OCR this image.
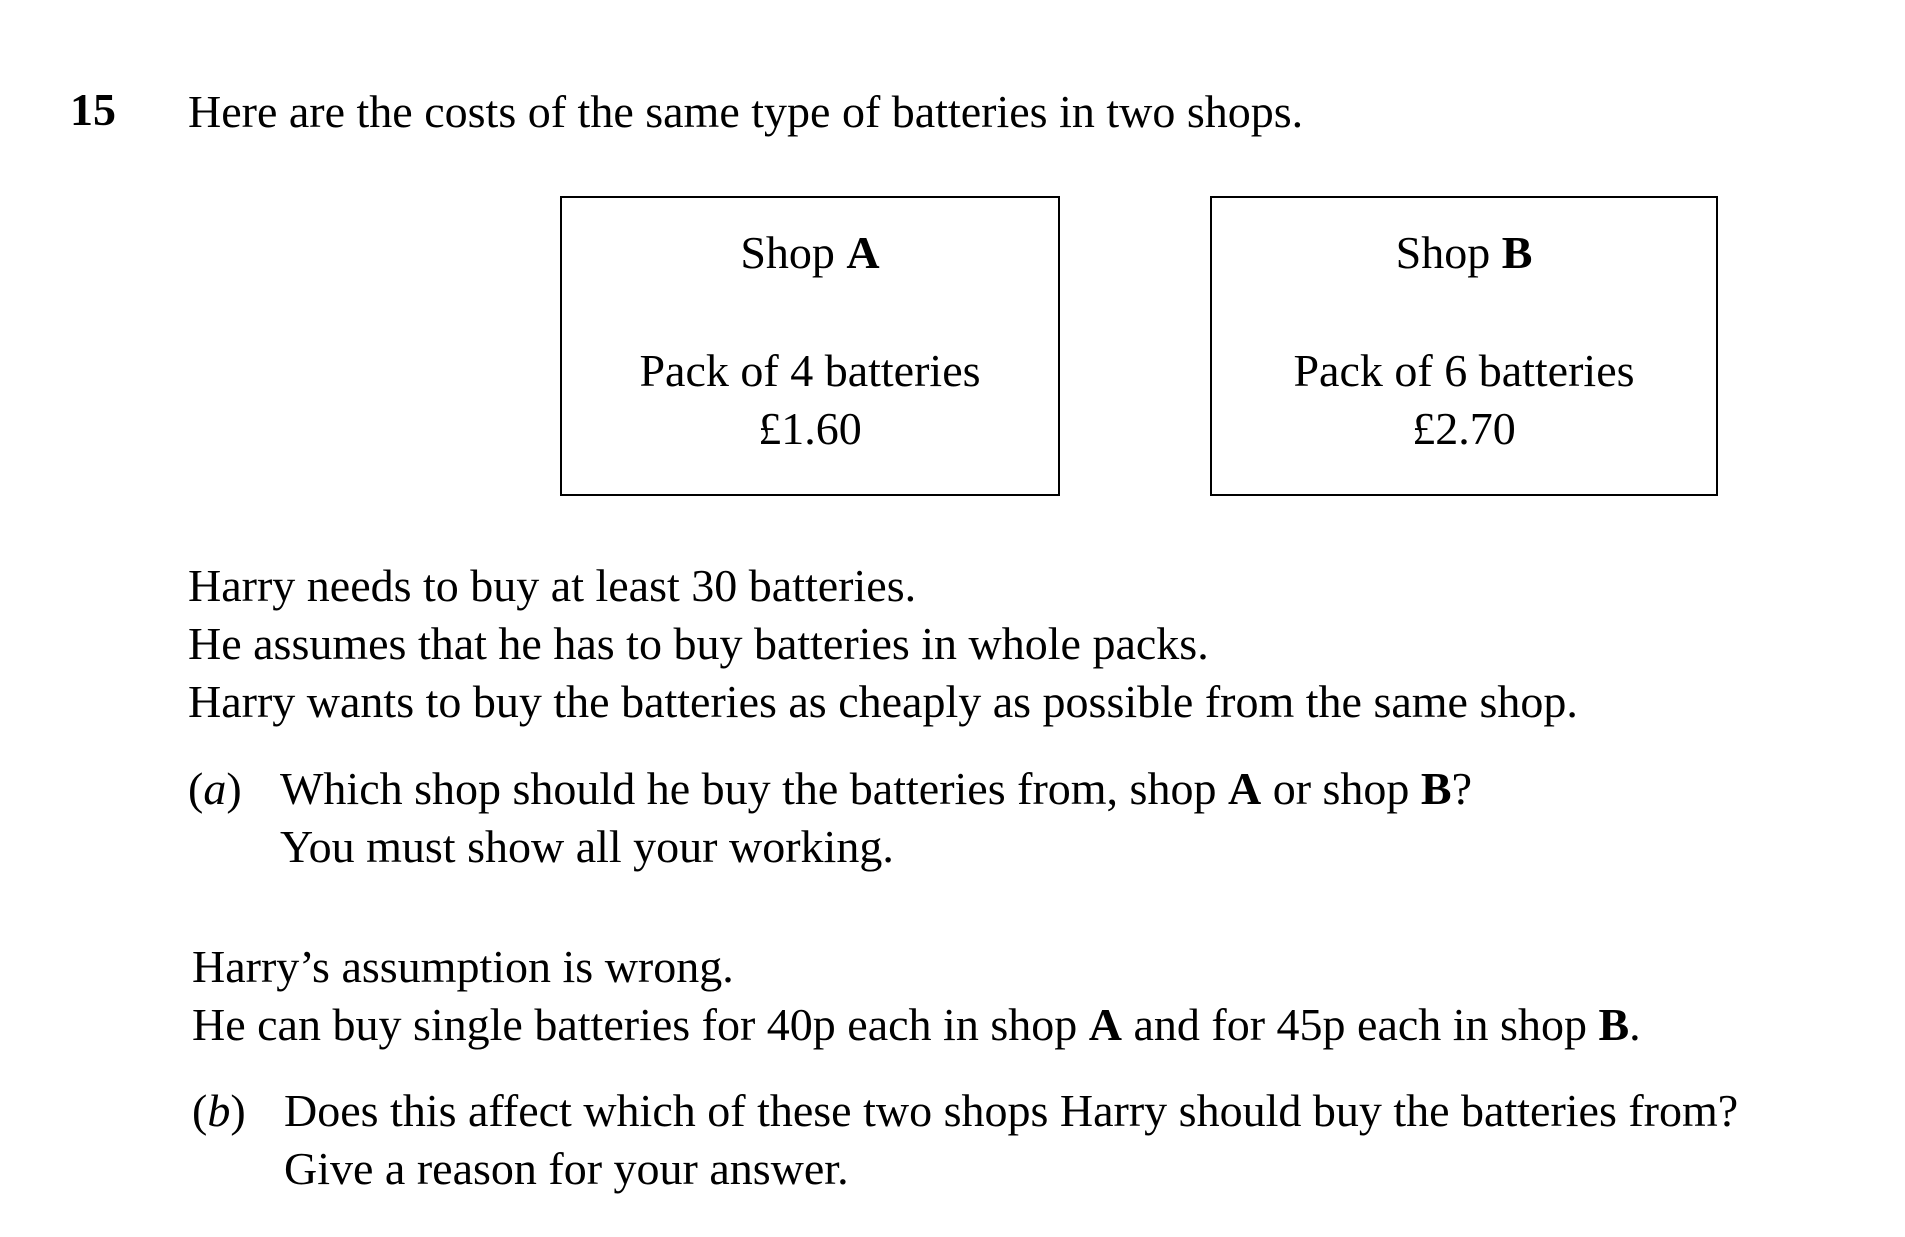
15 Here are the costs of the same type of batteries in two shops.
Shop A
Pack of 4 batteries
£1.60
Shop B
Pack of 6 batteries
£2.70
Harry needs to buy at least 30 batteries.
He assumes that he has to buy batteries in whole packs.
Harry wants to buy the batteries as cheaply as possible from the same shop.
(a) Which shop should he buy the batteries from, shop A or shop B?
You must show all your working.
Harry’s assumption is wrong.
He can buy single batteries for 40p each in shop A and for 45p each in shop B.
(b) Does this affect which of these two shops Harry should buy the batteries from?
Give a reason for your answer.
